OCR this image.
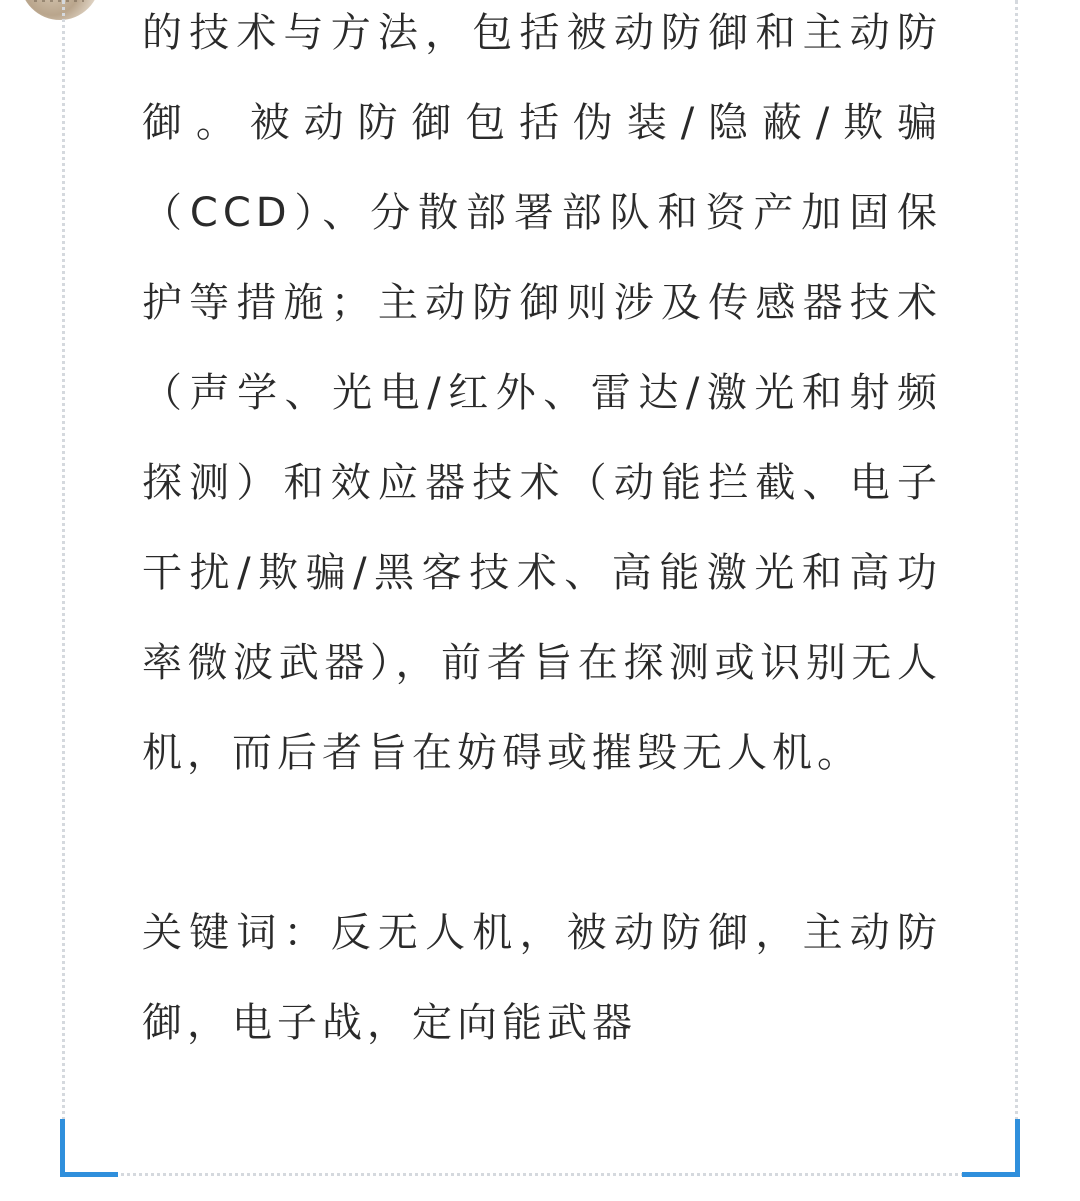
的技术与方法，包括被动防御和主动防御。被动防御包括伪装/隐蔽/欺骗（CCD）、分散部署部队和资产加固保护等措施；主动防御则涉及传感器技术（声学、光电/红外、雷达/激光和射频探测）和效应器技术（动能拦截、电子干扰/欺骗/黑客技术、高能激光和高功率微波武器），前者旨在探测或识别无人机，而后者旨在妨碍或摧毁无人机。

关键词：反无人机，被动防御，主动防御，电子战，定向能武器
